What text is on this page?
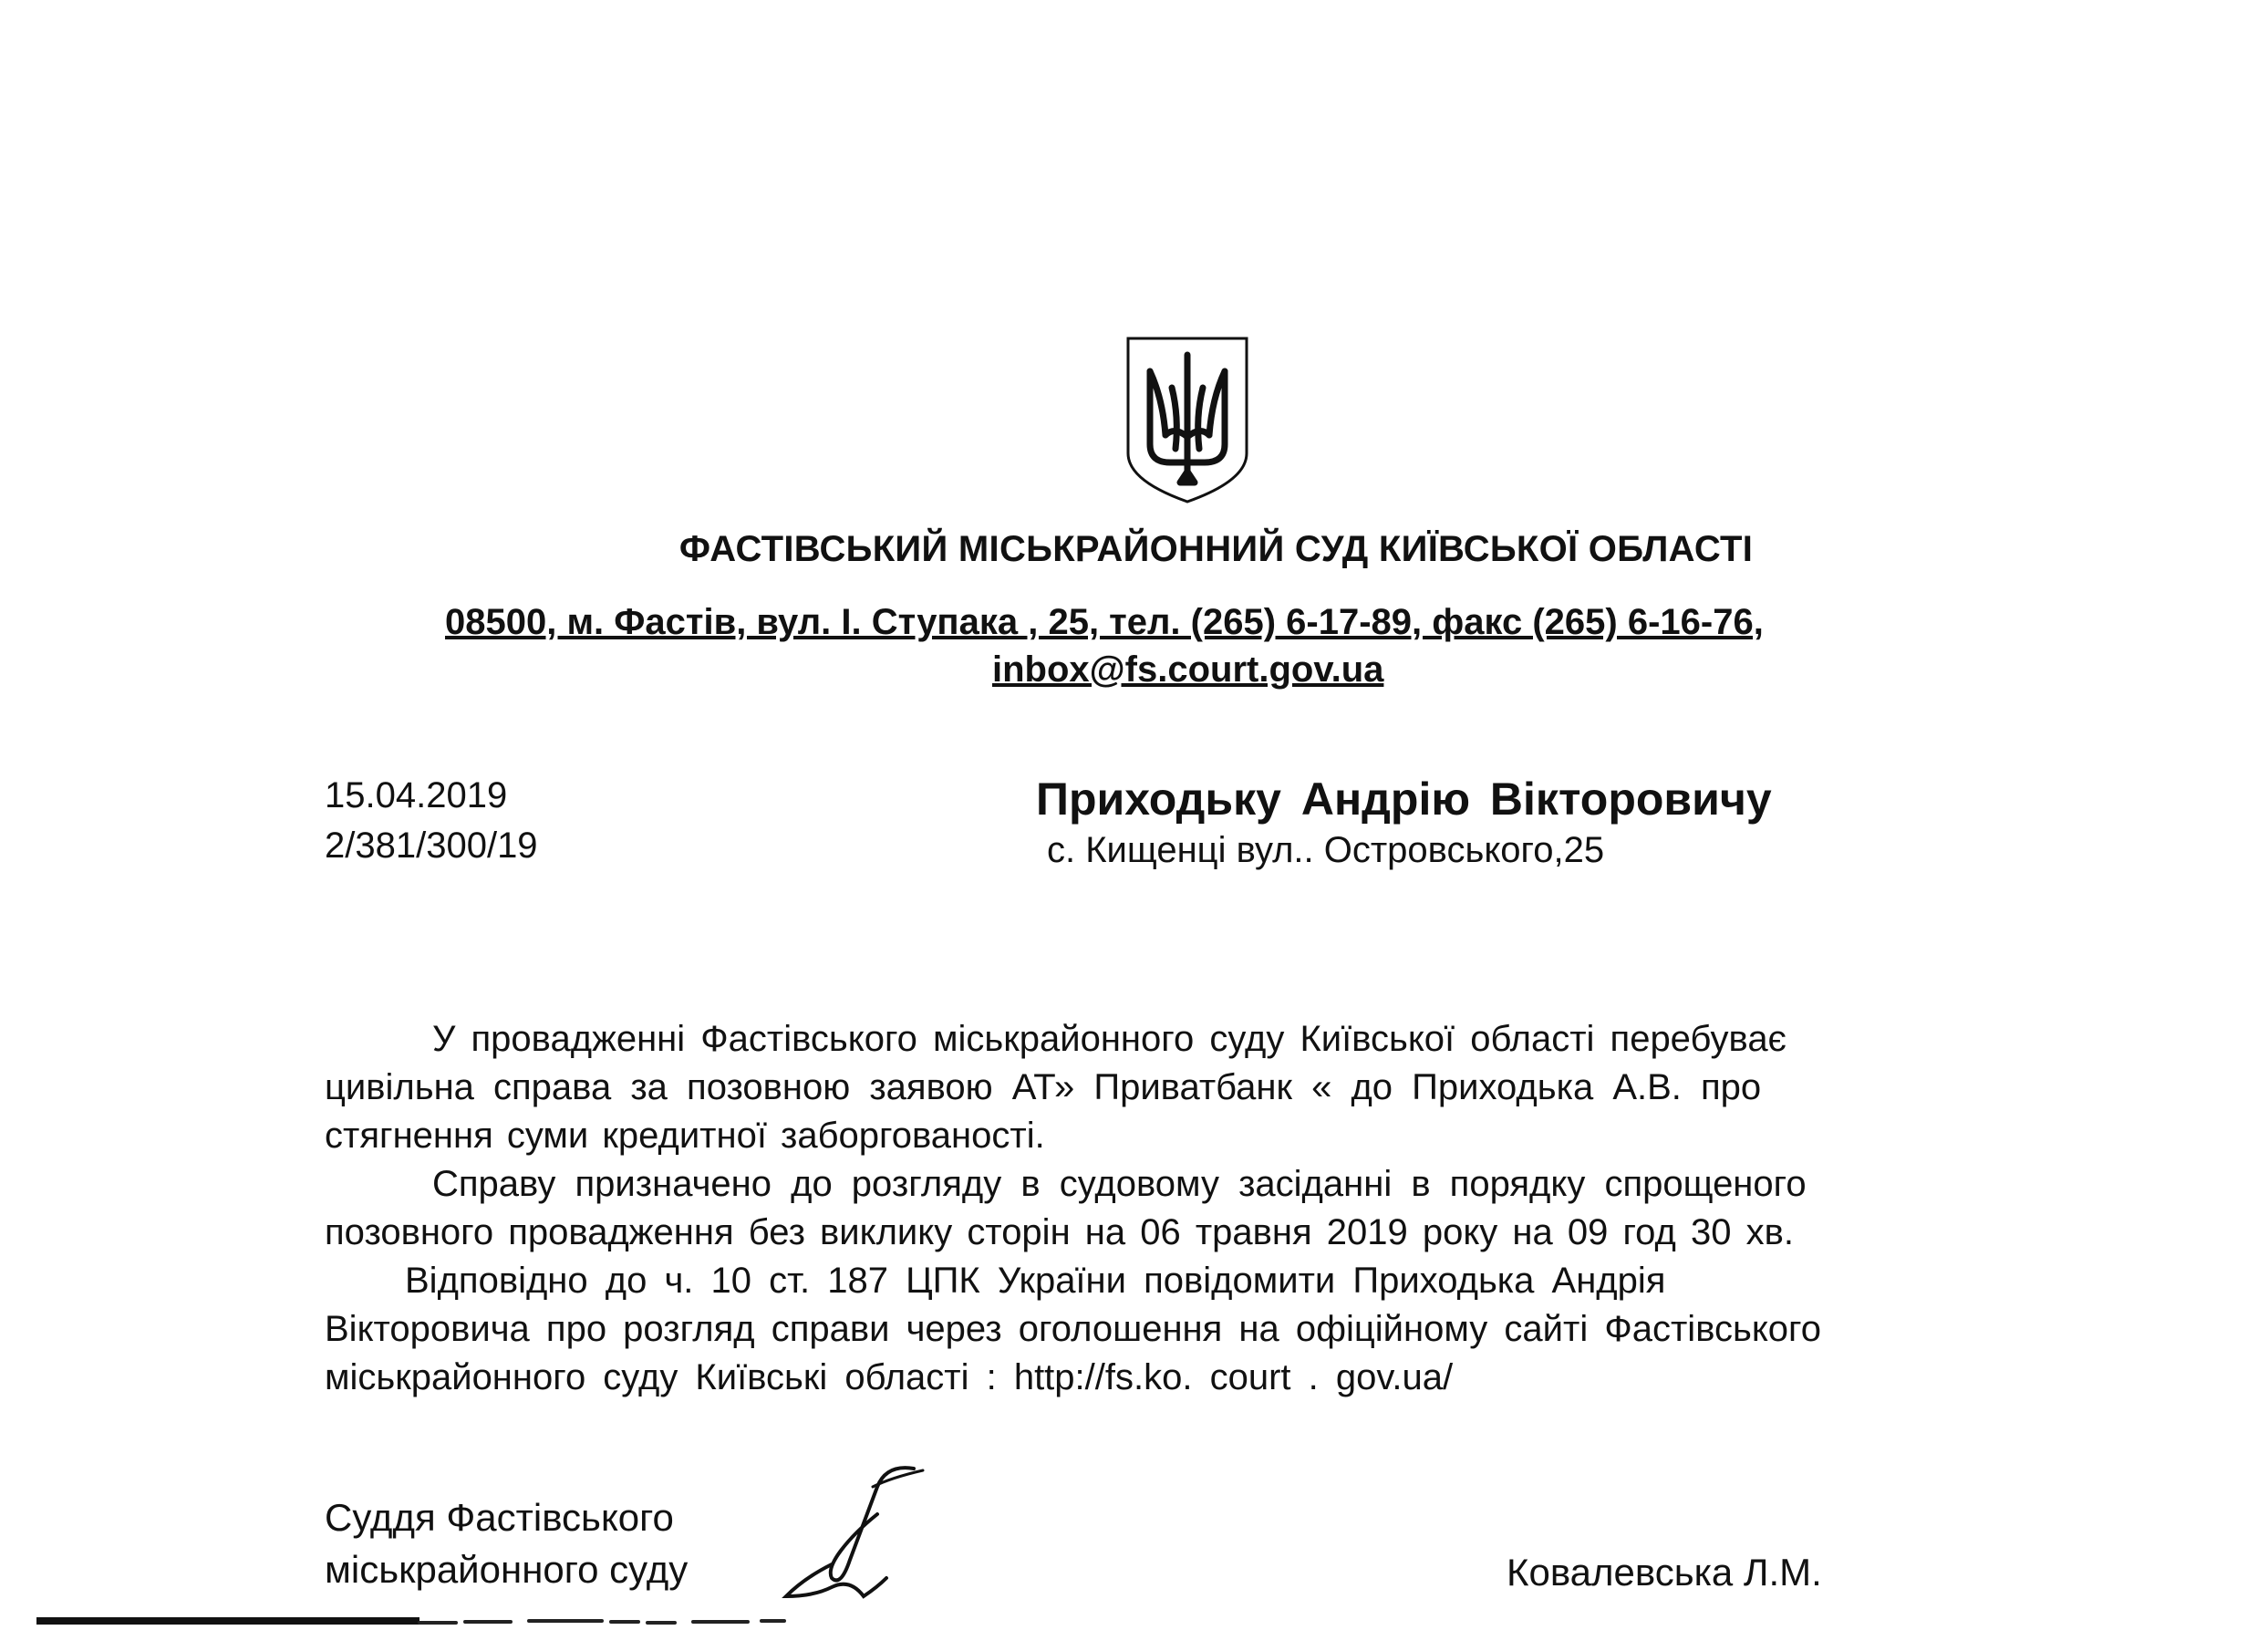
ФАСТІВСЬКИЙ МІСЬКРАЙОННИЙ СУД КИЇВСЬКОЇ ОБЛАСТІ
08500, м. Фастів, вул. І. Ступака , 25, тел. (265) 6-17-89, факс (265) 6-16-76,
inbox@fs.court.gov.ua
15.04.2019
2/381/300/19
Приходьку Андрію Вікторовичу
с. Кищенці вул.. Островського,25
У провадженні Фастівського міськрайонного суду Київської області перебуває
цивільна справа за позовною заявою АТ» Приватбанк « до Приходька А.В. про
стягнення суми кредитної заборгованості.
Справу призначено до розгляду в судовому засіданні в порядку спрощеного
позовного провадження без виклику сторін на 06 травня 2019 року на 09 год 30 хв.
Відповідно до ч. 10 ст. 187 ЦПК України повідомити Приходька Андрія
Вікторовича про розгляд справи через оголошення на офіційному сайті Фастівського
міськрайонного суду Київські області : http://fs.ko. court . gov.ua/
Суддя Фастівського
міськрайонного суду	Ковалевська Л.М.
